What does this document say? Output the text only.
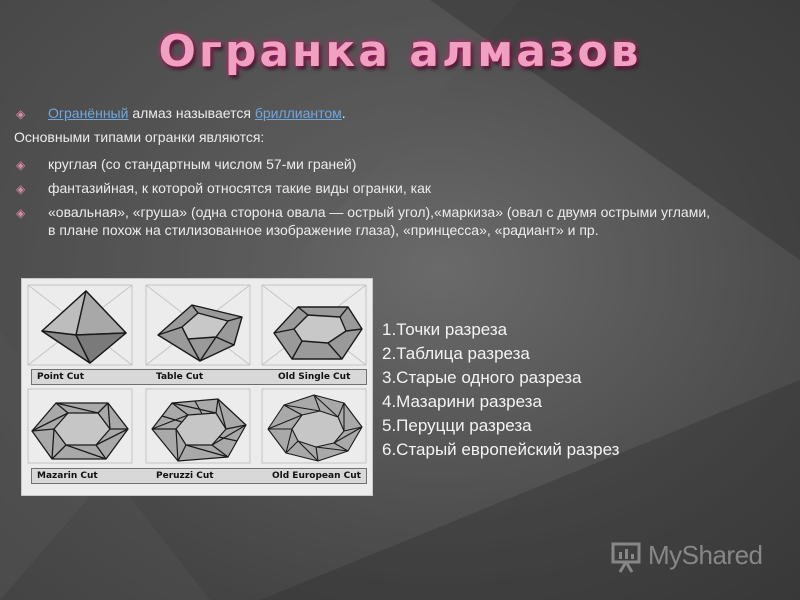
Огранка алмазов
◈ Огранённый алмаз называется бриллиантом.
Основными типами огранки являются:
◈ круглая (со стандартным числом 57-ми граней)
◈ фантазийная, к которой относятся такие виды огранки, как
◈ «овальная», «груша» (одна сторона овала — острый угол),«маркиза» (овал с двумя острыми углами, в плане похож на стилизованное изображение глаза), «принцесса», «радиант» и пр.
Point Cut	Table Cut	Old Single Cut
Mazarin Cut	Peruzzi Cut	Old European Cut
1.Точки разреза
2.Таблица разреза
3.Старые одного разреза
4.Мазарини разреза
5.Перуцци разреза
6.Старый европейский разрез
MyShared
